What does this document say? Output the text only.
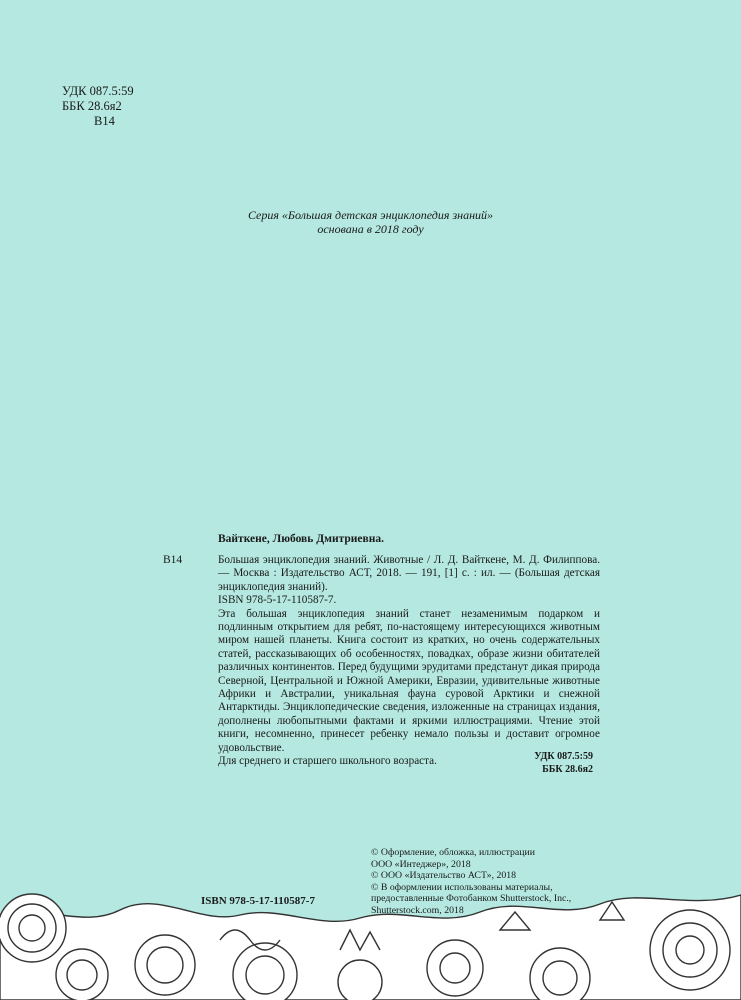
УДК 087.5:59
ББК 28.6я2
В14
Серия «Большая детская энциклопедия знаний»
основана в 2018 году
Вайткене, Любовь Дмитриевна.
В14	Большая энциклопедия знаний. Животные / Л. Д. Вайткене, М. Д. Филиппова. — Москва : Издательство АСТ, 2018. — 191, [1] с. : ил. — (Большая детская энциклопедия знаний).

ISBN 978-5-17-110587-7.

Эта большая энциклопедия знаний станет незаменимым подарком и подлинным открытием для ребят, по-настоящему интересующихся животным миром нашей планеты. Книга состоит из кратких, но очень содержательных статей, рассказывающих об особенностях, повадках, образе жизни обитателей различных континентов. Перед будущими эрудитами предстанут дикая природа Северной, Центральной и Южной Америки, Евразии, удивительные животные Африки и Австралии, уникальная фауна суровой Арктики и снежной Антарктиды. Энциклопедические сведения, изложенные на страницах издания, дополнены любопытными фактами и яркими иллюстрациями. Чтение этой книги, несомненно, принесет ребенку немало пользы и доставит огромное удовольствие.

Для среднего и старшего школьного возраста.	УДК 087.5:59
ББК 28.6я2
© Оформление, обложка, иллюстрации
ООО «Интеджер», 2018
© ООО «Издательство АСТ», 2018
© В оформлении использованы материалы,
предоставленные Фотобанком Shutterstock, Inc.,
Shutterstock.com, 2018
ISBN 978-5-17-110587-7
